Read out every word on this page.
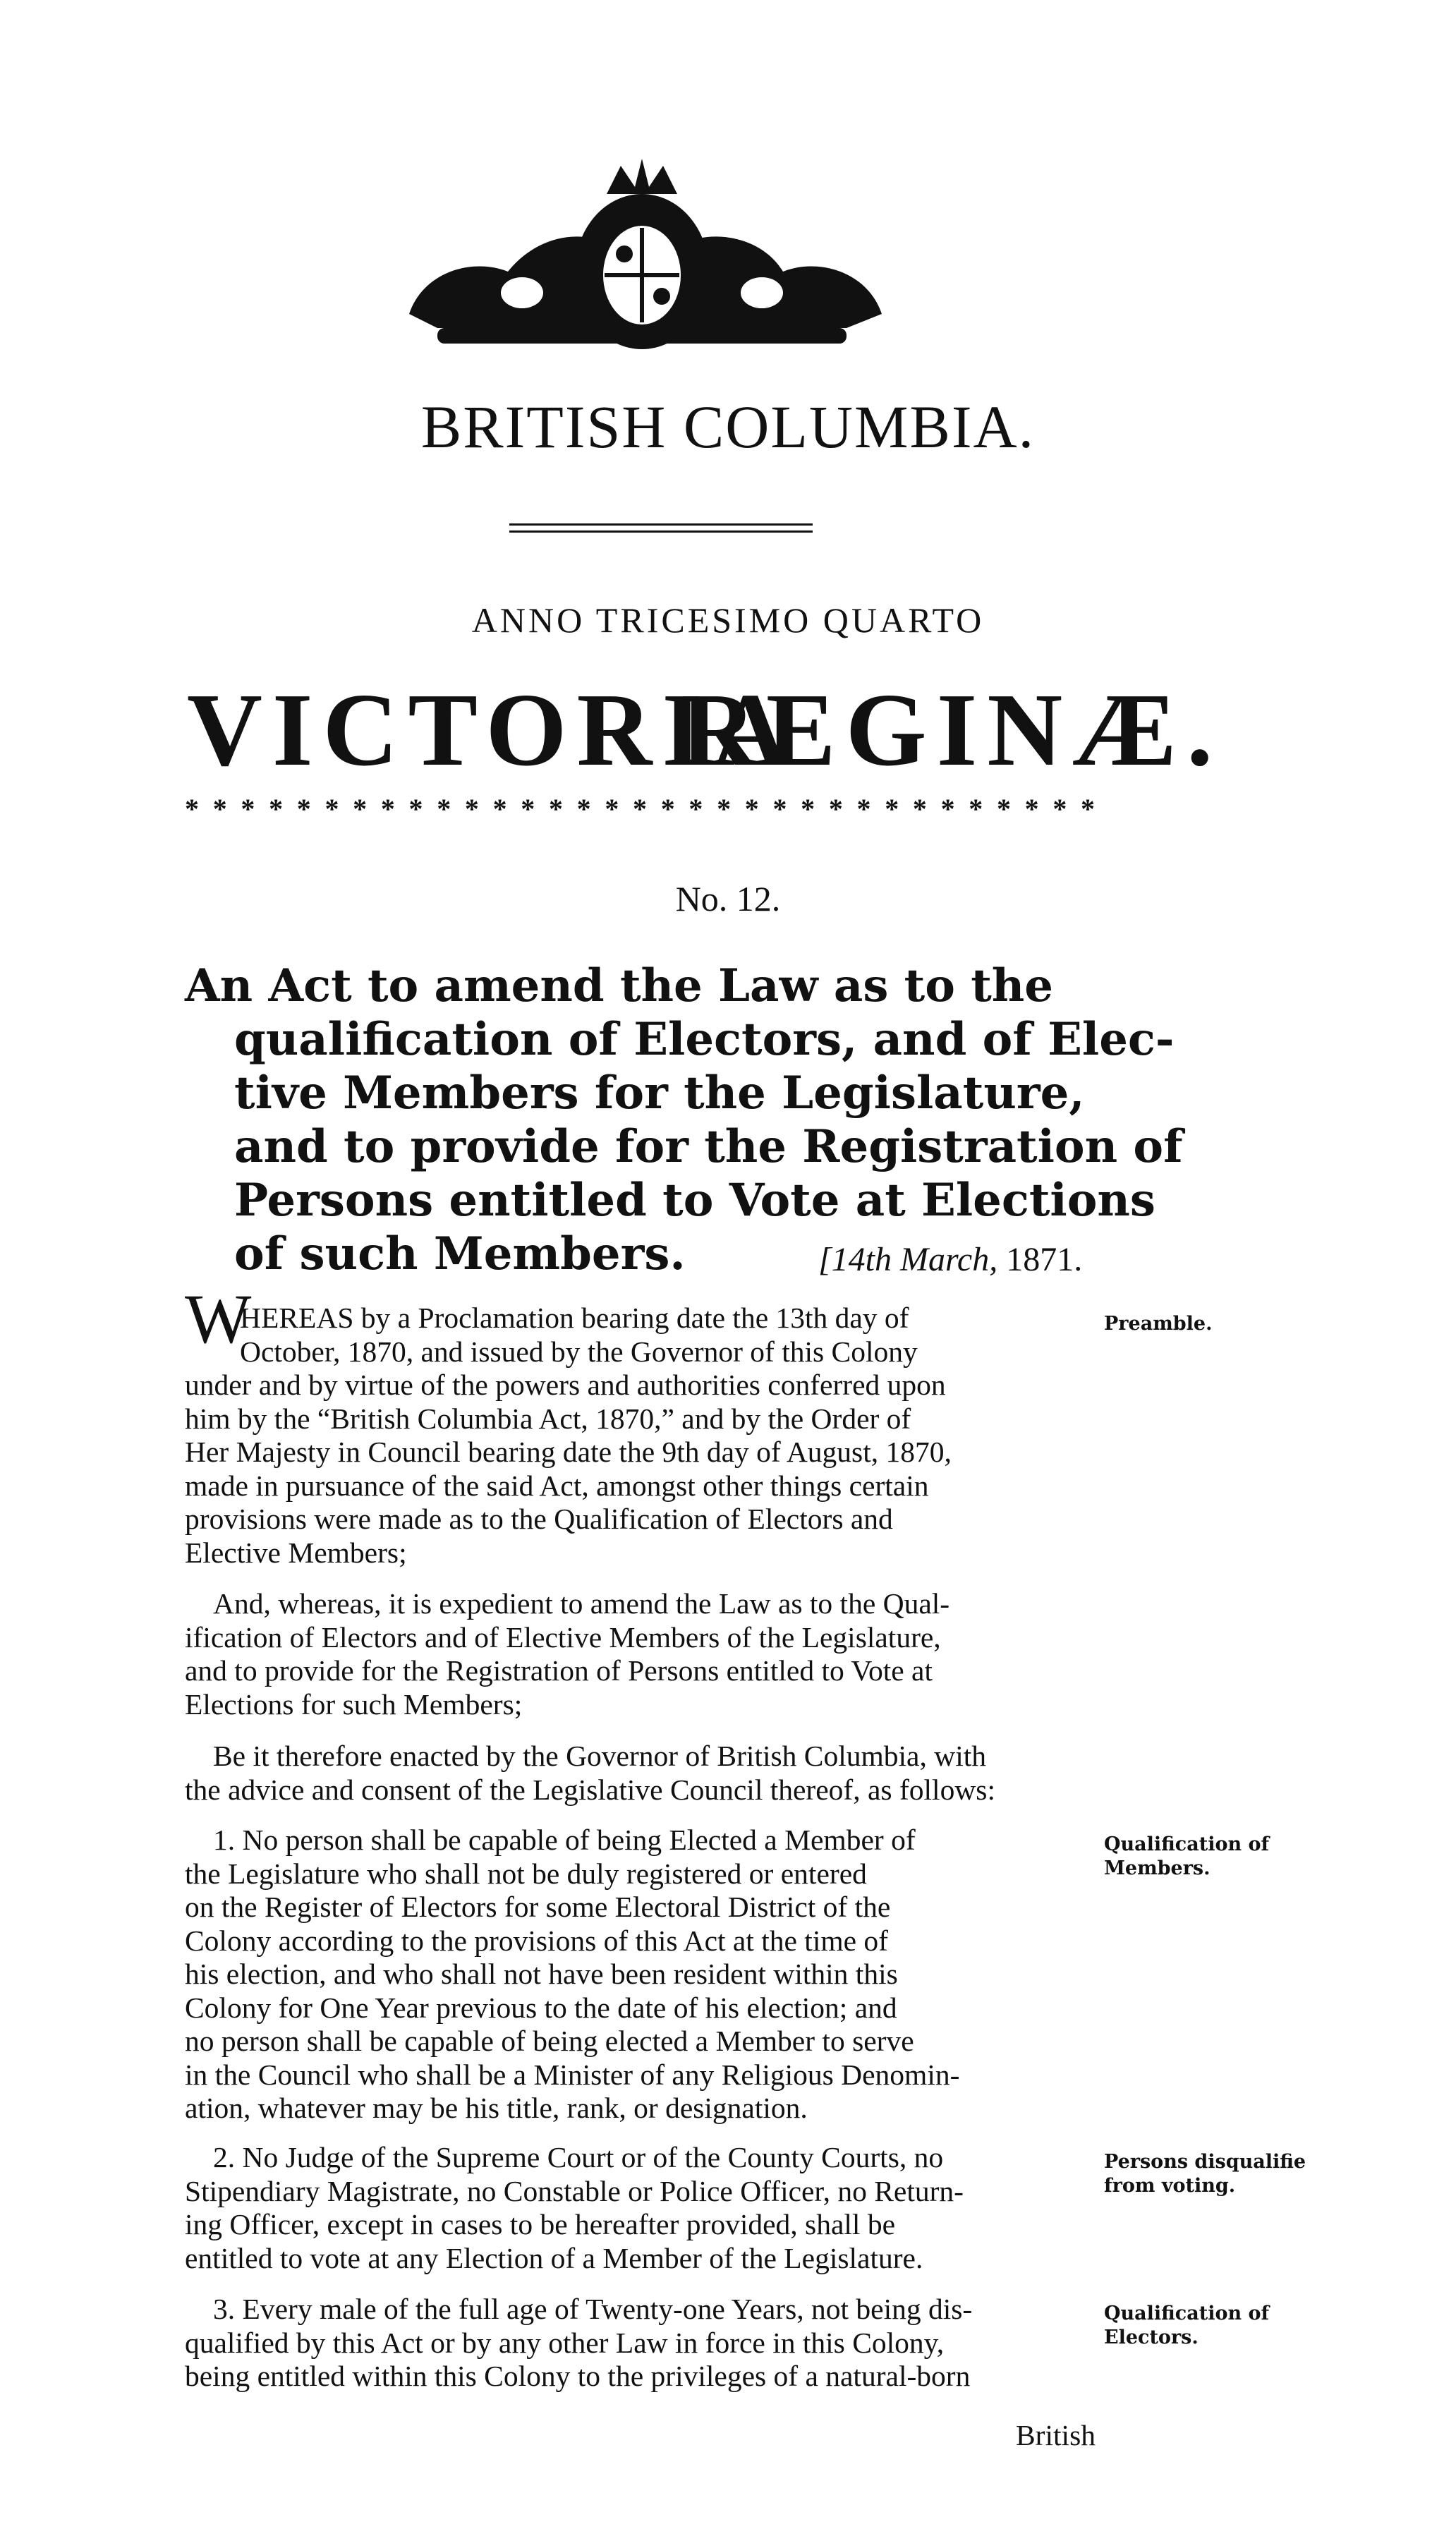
BRITISH COLUMBIA.
ANNO TRICESIMO QUARTO
VICTORIA
REGINÆ.
* * * * * * * * * * * * * * * * * * * * * * * * * * * * * * * * *
No. 12.
An Act to amend the Law as to the
qualification of Electors, and of Elec-
tive Members for the Legislature,
and to provide for the Registration of
Persons entitled to Vote at Elections
of such Members.	[14th March, 1871.
W
HEREAS by a Proclamation bearing date the 13th day of
October, 1870, and issued by the Governor of this Colony
under and by virtue of the powers and authorities conferred upon
him by the “British Columbia Act, 1870,” and by the Order of
Her Majesty in Council bearing date the 9th day of August, 1870,
made in pursuance of the said Act, amongst other things certain
provisions were made as to the Qualification of Electors and
Elective Members;
Preamble.
And, whereas, it is expedient to amend the Law as to the Qual-
ification of Electors and of Elective Members of the Legislature,
and to provide for the Registration of Persons entitled to Vote at
Elections for such Members;
Be it therefore enacted by the Governor of British Columbia, with
the advice and consent of the Legislative Council thereof, as follows:
1. No person shall be capable of being Elected a Member of
the Legislature who shall not be duly registered or entered
on the Register of Electors for some Electoral District of the
Colony according to the provisions of this Act at the time of
his election, and who shall not have been resident within this
Colony for One Year previous to the date of his election; and
no person shall be capable of being elected a Member to serve
in the Council who shall be a Minister of any Religious Denomin-
ation, whatever may be his title, rank, or designation.
Qualification of
Members.
2. No Judge of the Supreme Court or of the County Courts, no
Stipendiary Magistrate, no Constable or Police Officer, no Return-
ing Officer, except in cases to be hereafter provided, shall be
entitled to vote at any Election of a Member of the Legislature.
Persons disqualifie
from voting.
3. Every male of the full age of Twenty-one Years, not being dis-
qualified by this Act or by any other Law in force in this Colony,
being entitled within this Colony to the privileges of a natural-born
Qualification of
Electors.
British
